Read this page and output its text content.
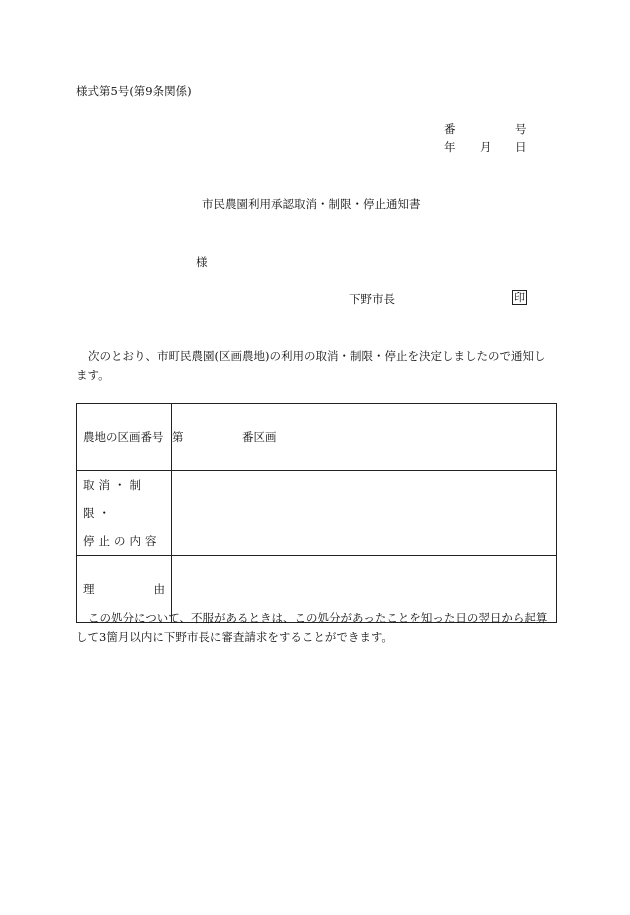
様式第5号(第9条関係)
番	号
年 月 日
市民農園利用承認取消・制限・停止通知書
様
下野市長	印
次のとおり、市町民農園(区画農地)の利用の取消・制限・停止を決定しましたので通知します。
農地の区画番号	第 番区画

取消・制限・
停止の内容	

理 由	

この処分について、不服があるときは、この処分があったことを知った日の翌日から起算して3箇月以内に下野市長に審査請求をすることができます。
